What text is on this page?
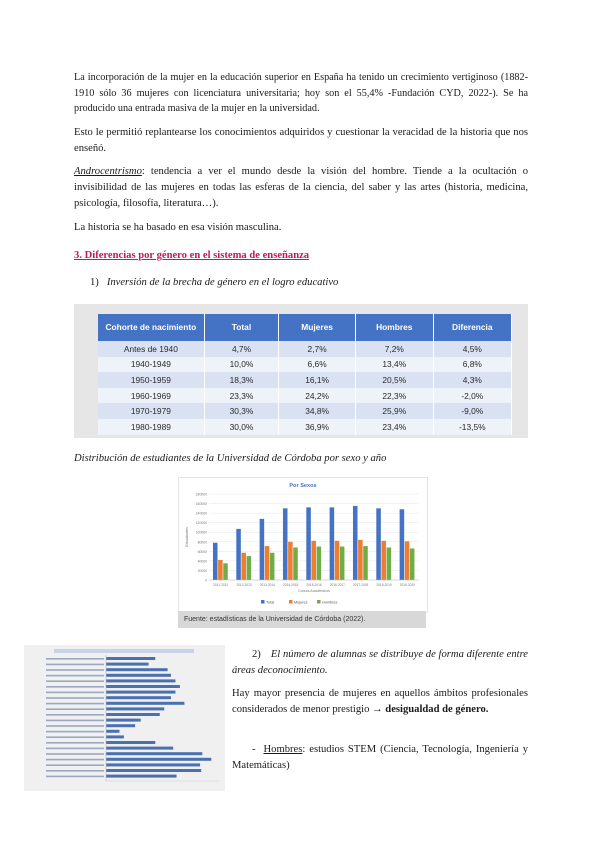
La incorporación de la mujer en la educación superior en España ha tenido un crecimiento vertiginoso (1882-1910 sólo 36 mujeres con licenciatura universitaria; hoy son el 55,4% -Fundación CYD, 2022-). Se ha producido una entrada masiva de la mujer en la universidad.

Esto le permitió replantearse los conocimientos adquiridos y cuestionar la veracidad de la historia que nos enseñó.

Androcentrismo: tendencia a ver el mundo desde la visión del hombre. Tiende a la ocultación o invisibilidad de las mujeres en todas las esferas de la ciencia, del saber y las artes (historia, medicina, psicología, filosofía, literatura…).

La historia se ha basado en esa visión masculina.

3. Diferencias por género en el sistema de enseñanza
1) Inversión de la brecha de género en el logro educativo
Cohorte de nacimiento	Total	Mujeres	Hombres	Diferencia
Antes de 1940	4,7%	2,7%	7,2%	4,5%
1940-1949	10,0%	6,6%	13,4%	6,8%
1950-1959	18,3%	16,1%	20,5%	4,3%
1960-1969	23,3%	24,2%	22,3%	-2,0%
1970-1979	30,3%	34,8%	25,9%	-9,0%
1980-1989	30,0%	36,9%	23,4%	-13,5%
Distribución de estudiantes de la Universidad de Córdoba por sexo y año
Por Sexos
0
20000
40000
60000
80000
100000
120000
140000
160000
180000
Estudiantes
2011-2012	2012-2013	2013-2014	2014-2015	2015-2016	2016-2017	2017-2018	2018-2019	2019-2020
Cursos Académicos
Total	Mujeres	Hombres
Fuente: estadísticas de la Universidad de Córdoba (2022).
2) El número de alumnas se distribuye de forma diferente entre áreas deconocimiento.

Hay mayor presencia de mujeres en aquellos ámbitos profesionales considerados de menor prestigio → desigualdad de género.

- Hombres: estudios STEM (Ciencia, Tecnología, Ingeniería y Matemáticas)
